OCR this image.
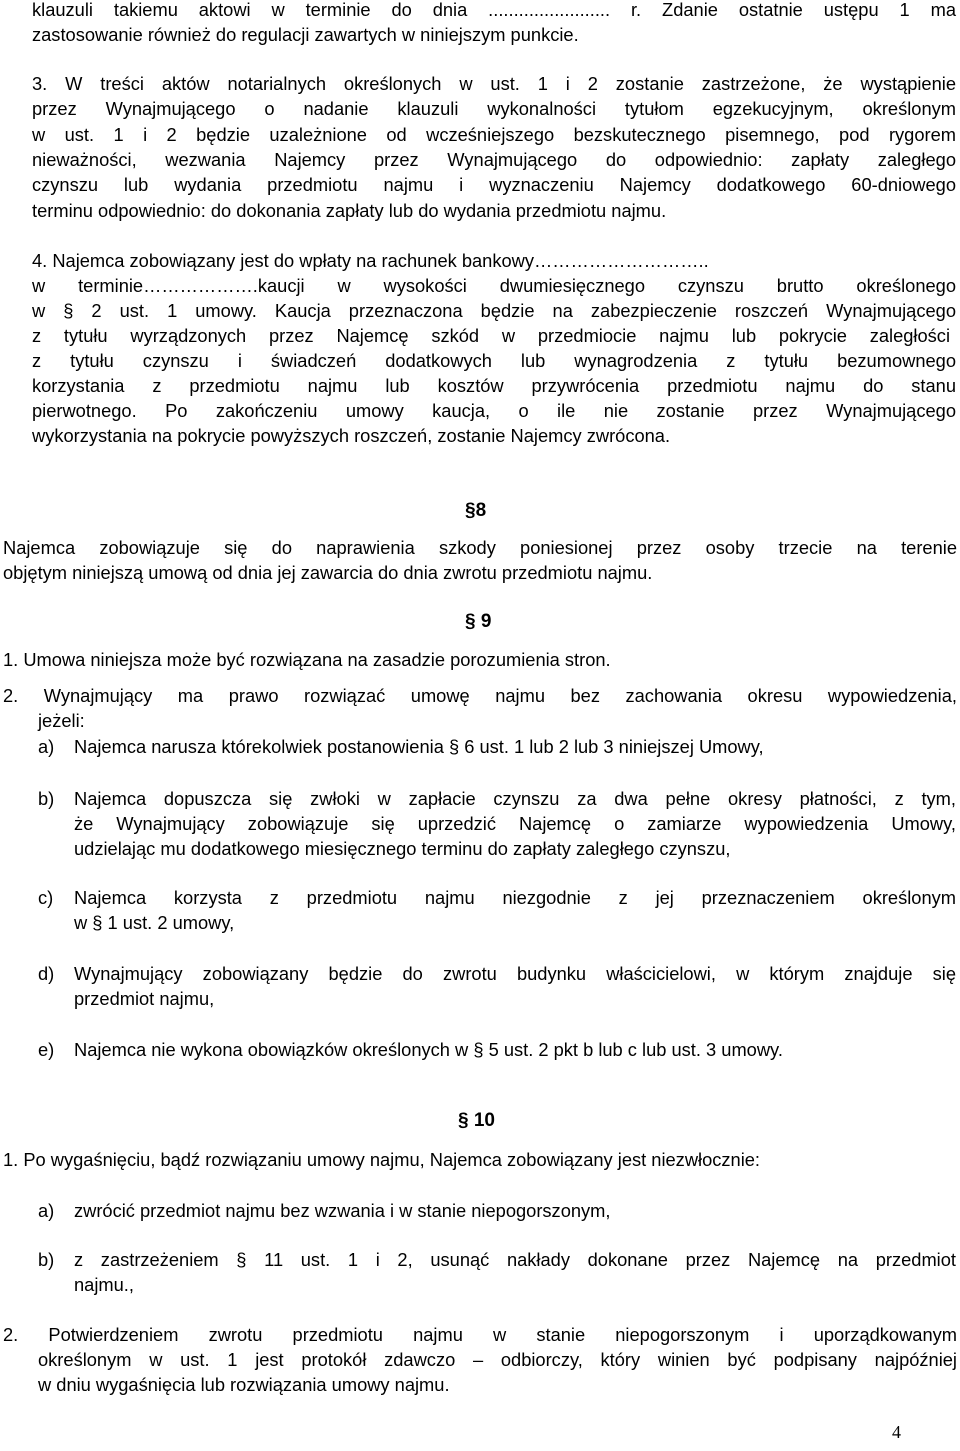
klauzuli takiemu aktowi w terminie do dnia ........................ r. Zdanie ostatnie ustępu 1 ma
zastosowanie również do regulacji zawartych w niniejszym punkcie.
3. W treści aktów notarialnych określonych w ust. 1 i 2 zostanie zastrzeżone, że wystąpienie
przez Wynajmującego o nadanie klauzuli wykonalności tytułom egzekucyjnym, określonym
w ust. 1 i 2 będzie uzależnione od wcześniejszego bezskutecznego pisemnego, pod rygorem
nieważności, wezwania Najemcy przez Wynajmującego do odpowiednio: zapłaty zaległego
czynszu lub wydania przedmiotu najmu i wyznaczeniu Najemcy dodatkowego 60-dniowego
terminu odpowiednio: do dokonania zapłaty lub do wydania przedmiotu najmu.
4. Najemca zobowiązany jest do wpłaty na rachunek bankowy………………………..
w terminie……………….kaucji w wysokości dwumiesięcznego czynszu brutto określonego
w § 2 ust. 1 umowy. Kaucja przeznaczona będzie na zabezpieczenie roszczeń Wynajmującego
z tytułu wyrządzonych przez Najemcę szkód w przedmiocie najmu lub pokrycie zaległości
z tytułu czynszu i świadczeń dodatkowych lub wynagrodzenia z tytułu bezumownego
korzystania z przedmiotu najmu lub kosztów przywrócenia przedmiotu najmu do stanu
pierwotnego. Po zakończeniu umowy kaucja, o ile nie zostanie przez Wynajmującego
wykorzystania na pokrycie powyższych roszczeń, zostanie Najemcy zwrócona.
§8
Najemca zobowiązuje się do naprawienia szkody poniesionej przez osoby trzecie na terenie
objętym niniejszą umową od dnia jej zawarcia do dnia zwrotu przedmiotu najmu.
§ 9
1. Umowa niniejsza może być rozwiązana na zasadzie porozumienia stron.
2. Wynajmujący ma prawo rozwiązać umowę najmu bez zachowania okresu wypowiedzenia,
jeżeli:
a) Najemca narusza którekolwiek postanowienia § 6 ust. 1 lub 2 lub 3 niniejszej Umowy,
b) Najemca dopuszcza się zwłoki w zapłacie czynszu za dwa pełne okresy płatności, z tym,
że Wynajmujący zobowiązuje się uprzedzić Najemcę o zamiarze wypowiedzenia Umowy,
udzielając mu dodatkowego miesięcznego terminu do zapłaty zaległego czynszu,
c) Najemca korzysta z przedmiotu najmu niezgodnie z jej przeznaczeniem określonym
w § 1 ust. 2 umowy,
d) Wynajmujący zobowiązany będzie do zwrotu budynku właścicielowi, w którym znajduje się
przedmiot najmu,
e) Najemca nie wykona obowiązków określonych w § 5 ust. 2 pkt b lub c lub ust. 3 umowy.
§ 10
1. Po wygaśnięciu, bądź rozwiązaniu umowy najmu, Najemca zobowiązany jest niezwłocznie:
a) zwrócić przedmiot najmu bez wzwania i w stanie niepogorszonym,
b) z zastrzeżeniem § 11 ust. 1 i 2, usunąć nakłady dokonane przez Najemcę na przedmiot
najmu.,
2. Potwierdzeniem zwrotu przedmiotu najmu w stanie niepogorszonym i uporządkowanym
określonym w ust. 1 jest protokół zdawczo – odbiorczy, który winien być podpisany najpóźniej
w dniu wygaśnięcia lub rozwiązania umowy najmu.
4
